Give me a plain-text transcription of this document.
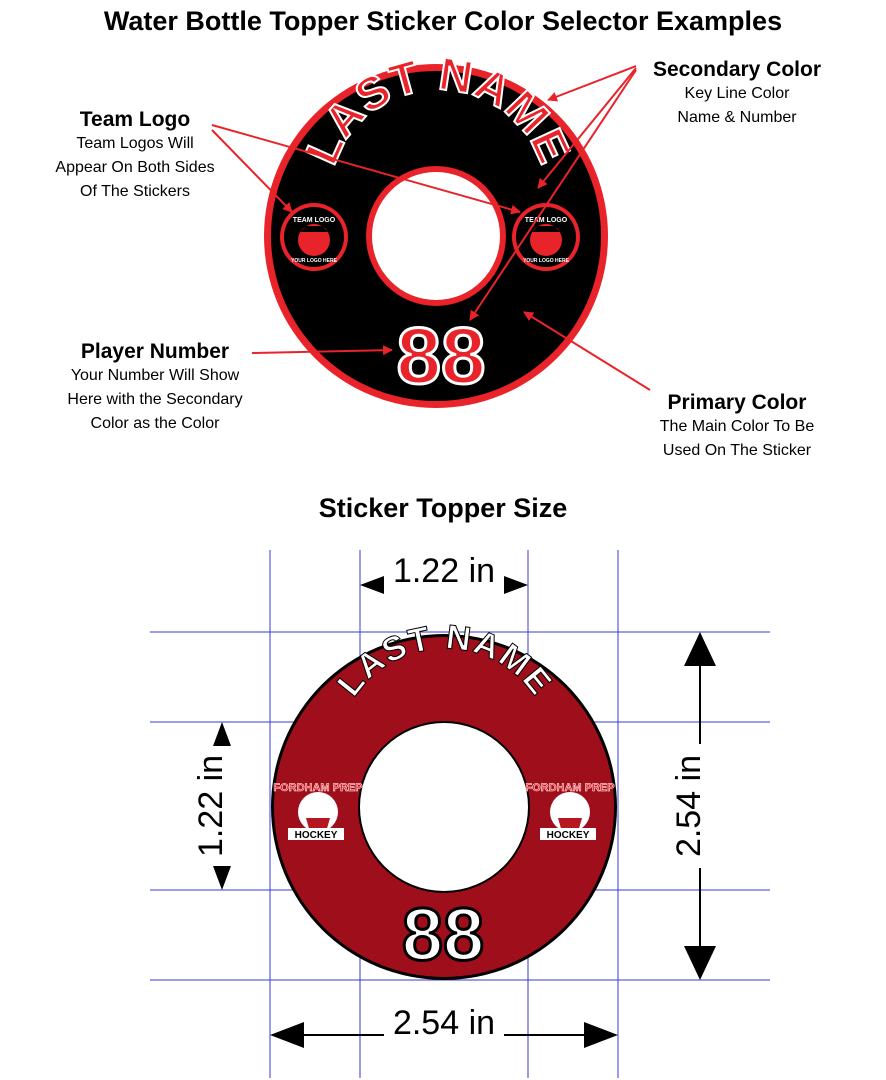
Water Bottle Topper Sticker Color Selector Examples
Team Logo
Team Logos Will
Appear On Both Sides
Of The Stickers
Secondary Color
Key Line Color
Name & Number
Player Number
Your Number Will Show
Here with the Secondary
Color as the Color
Primary Color
The Main Color To Be
Used On The Sticker
Sticker Topper Size
LAST NAME
88
TEAM LOGO
YOUR LOGO HERE
TEAM LOGO
YOUR LOGO HERE
LAST NAME
88
FORDHAM PREP
HOCKEY
FORDHAM PREP
HOCKEY
1.22 in
1.22 in	2.54 in
2.54 in
